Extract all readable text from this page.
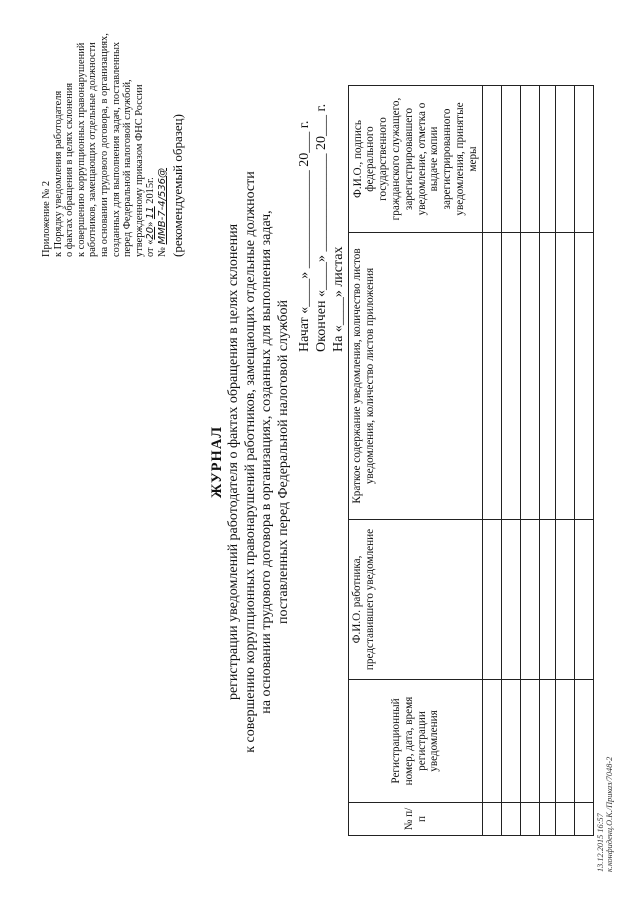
Приложение № 2 к Порядку уведомления работодателя о фактах обращения в целях склонения к совершению коррупционных правонарушений работников, замещающих отдельные должности на основании трудового договора, в организациях, созданных для выполнения задач, поставленных перед Федеральной налоговой службой, утвержденному приказом ФНС России от «20» 11 2015г.
№ ММВ-7-4/536@ (рекомендуемый образец)
ЖУРНАЛ регистрации уведомлений работодателя о фактах обращения в целях склонения к совершению коррупционных правонарушений работников, замещающих отдельные должности на основании трудового договора в организациях, созданных для выполнения задач, поставленных перед Федеральной налоговой службой
Начат «____» ______________ 20___ г. Окончен «____» ______________ 20___ г. На «____» листах
№ п/п	Регистрационный номер, дата, время регистрации уведомления	Ф.И.О. работника, представившего уведомление	Краткое содержание уведомления, количество листов уведомления, количество листов приложения	Ф.И.О., подпись федерального государственного гражданского служащего, зарегистрировавшего уведомление, отметка о выдаче копии зарегистрированного уведомления, принятые меры

13.12.2015 16:57 к.конфиденц.О.К./Приказ/7048-2
